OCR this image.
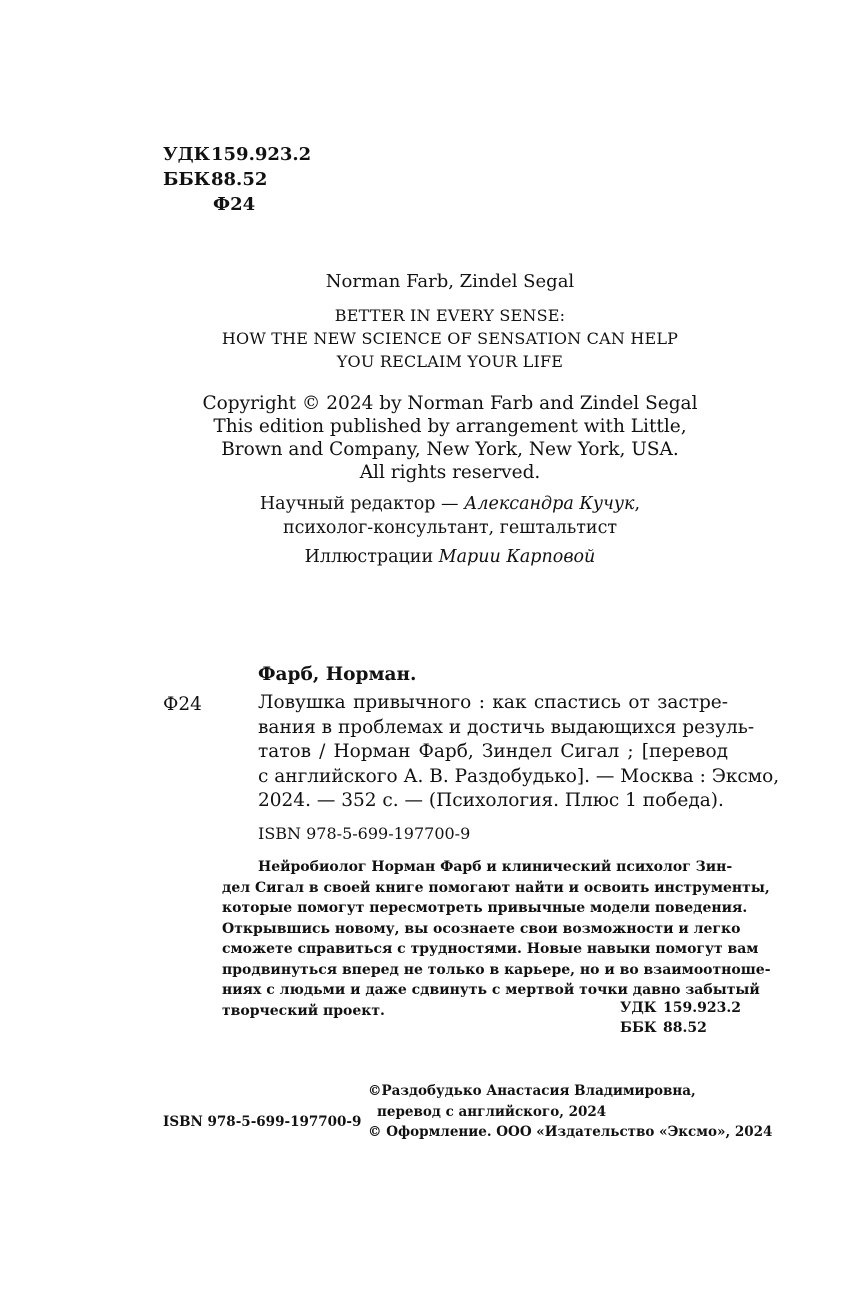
УДК159.923.2
ББК88.52
Ф24
Norman Farb, Zindel Segal
BETTER IN EVERY SENSE:
HOW THE NEW SCIENCE OF SENSATION CAN HELP
YOU RECLAIM YOUR LIFE
Copyright © 2024 by Norman Farb and Zindel Segal
This edition published by arrangement with Little,
Brown and Company, New York, New York, USA.
All rights reserved.
Научный редактор — Александра Кучук,
психолог-консультант, гештальтист
Иллюстрации Марии Карповой
Фарб, Норман.
Ф24	Ловушка привычного : как спастись от застре-
вания в проблемах и достичь выдающихся резуль-
татов / Норман Фарб, Зиндел Сигал ; [перевод
с английского А. В. Раздобудько]. — Москва : Эксмо,
2024. — 352 с. — (Психология. Плюс 1 победа).
ISBN 978-5-699-197700-9
Нейробиолог Норман Фарб и клинический психолог Зин-
дел Сигал в своей книге помогают найти и освоить инструменты,
которые помогут пересмотреть привычные модели поведения.
Открывшись новому, вы осознаете свои возможности и легко
сможете справиться с трудностями. Новые навыки помогут вам
продвинуться вперед не только в карьере, но и во взаимоотноше-
ниях с людьми и даже сдвинуть с мертвой точки давно забытый
творческий проект.	УДК 159.923.2
ББК 88.52
©Раздобудько Анастасия Владимировна,
перевод с английского, 2024
© Оформление. ООО «Издательство «Эксмо», 2024
ISBN 978-5-699-197700-9
